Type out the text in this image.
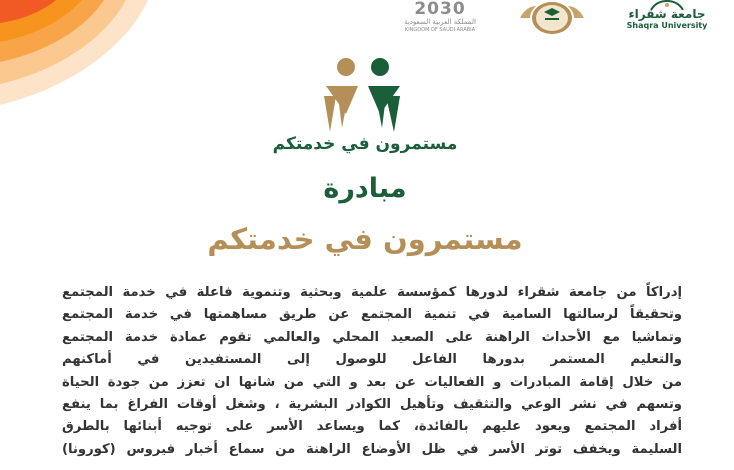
2030
المملكة العربية السعودية
KINGDOM OF SAUDI ARABIA
جامعة شقراء
Shaqra University

مستمرون في خدمتكم

مبادرة
مستمرون في خدمتكم

إدراكاً من جامعة شقراء لدورها كمؤسسة علمية وبحثية وتنموية فاعلة في خدمة المجتمع

وتحقيقاً لرسالتها السامية في تنمية المجتمع عن طريق مساهمتها في خدمة المجتمع

وتماشيا مع الأحداث الراهنة على الصعيد المحلي والعالمي تقوم عمادة خدمة المجتمع

والتعليم المستمر بدورها الفاعل للوصول إلى المستفيدين في أماكنهم

من خلال إقامة المبادرات و الفعاليات عن بعد و التي من شانها ان تعزز من جودة الحياة

وتسهم في نشر الوعي والتثقيف وتأهيل الكوادر البشرية ، وشغل أوقات الفراغ بما ينفع

أفراد المجتمع ويعود عليهم بالفائدة، كما ويساعد الأسر على توجيه أبنائها بالطرق

السليمة ويخفف توتر الأسر في ظل الأوضاع الراهنة من سماع أخبار فيروس (كورونا)
